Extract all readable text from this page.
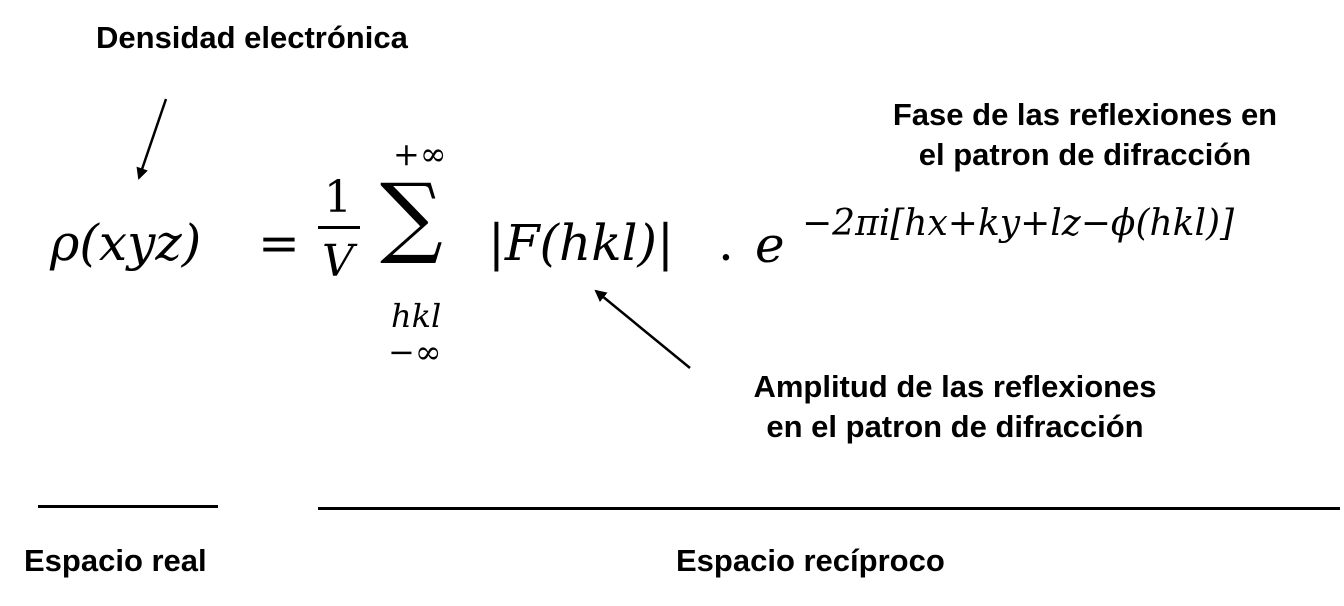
Densidad electrónica
Fase de las reflexiones en
el patron de difracción
Amplitud de las reflexiones
en el patron de difracción
ρ(xyz) =
1
V
+∞
∑
hkl
−∞
|F(hkl)| . e −2πi[hx+ky+lz−ϕ(hkl)]
Espacio real	Espacio recíproco
